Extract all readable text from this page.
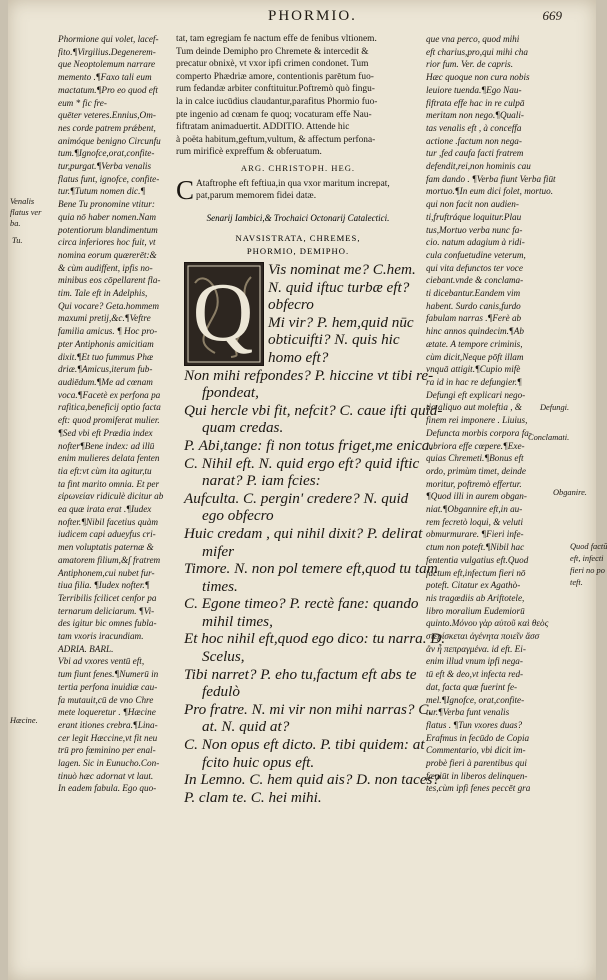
PHORMIO.	669
Phormione qui volet, lacef-
fito.¶Virgilius.Degenerem-
que Neoptolemum narrare
memento .¶Faxo tali eum
mactatum.¶Pro eo quod eft
eum * fic fre-
quēter veteres.Ennius,Om-
nes corde patrem prǽbent,
animóque benigno Circunfu
tum.¶Ignofce,orat,confite-
tur,purgat.¶Verba venalis
flatus funt, ignofce, confite-
tur.¶Tutum nomen dic.¶
Bene Tu pronomine vtitur:
quia nō haber nomen.Nam
potentiorum blandimentum
circa inferiores hoc fuit, vt
nomina eorum quærerēt:&
& cùm audiffent, ipfis no-
minibus eos cōpellarent fla-
tim. Tale eft in Adelphis,
Qui vocare? Geta.hommem
maxumi pretij,&c.¶Veftre
familia amicus. ¶ Hoc pro-
pter Antiphonis amicitiam
dixit.¶Et tuo fummus Phæ
driæ.¶Amicus,iterum fub-
audiēdum.¶Me ad cœnam
voca.¶Facetè ex perfona pa
rafitica,beneficij optio facta
eft: quod promiferat mulier.
¶Sed vbi eft Prædia index
nofter¶Bene index: ad illū
enim mulieres delata fenten
tia eft:vt cùm ita agitur,tu
ta fint marito omnia. Et per
εἰρωνείαν ridiculè dicitur ab
ea quæ irata erat .¶Iudex
nofter.¶Nibil facetius quàm
iudicem capi adueyfus cri-
men voluptatis paternæ &
amatorem filium,&ſ fratrem
Antiphonem,cui nubet fur-
tiua filia. ¶Iudex nofter.¶
Terribilis fcilicet cenfor pa
ternarum deliciarum. ¶Vi-
des igitur bic omnes fubla-
tam vxoris iracundiam.
ADRIA. BARL.
Vbi ad vxores ventū eft,
tum fiunt fenes.¶Numerū in
tertia perfona inuidiæ cau-
fa mutauit,cū de vno Chre
mete loqueretur . ¶Hæcine
erant itiones crebra.¶Lina-
cer legit Hæccine,vt fit neu
trū pro fœminino per enal-
lagen. Sic in Eunucho.Con-
tinuò hæc adornat vt laut.
In eadem fabula. Ego quo-
Venalis
flatus ver
ba.
Tu.
Hæcine.
tat, tam egregiam fe nactum effe de fenibus vltionem.
Tum deinde Demipho pro Chremete & intercedit &
precatur obnixè, vt vxor ipfi crimen condonet. Tum
comperto Phædriæ amore, contentionis parētum fuo-
rum fedandæ arbiter conftituitur.Poftremò quò fingu-
la in calce iucūdius claudantur,parafitus Phormio fuo-
pte ingenio ad cœnam fe quoq; vocaturam effe Nau-
fiftratam animaduertit. ADDITIO. Attende hic
à poëta habitum,geftum,vultum, & affectum perfona-
rum mirificè expreffum & obferuatum.
ARG. CHRISTOPH. HEG.
C Ataftrophe eft feftiua,in qua vxor maritum increpat,
pat,parum memorem fidei datæ.
Senarij Iambici,& Trochaici Octonarij Catalectici.
NAVSISTRATA, CHREMES,
PHORMIO, DEMIPHO.
Q Vis nominat me? C.hem.
N. quid iftuc turbæ eft?
obfecro
Mi vir? P. hem,quid nūc
obticuifti? N. quis hic
homo eft?
Non mihi refpondes? P. hiccine vt tibi re-
fpondeat,
Qui hercle vbi fit, nefcit? C. caue ifti quid-
quam credas.
P. Abi,tange: fi non totus friget,me enica.
C. Nihil eft. N. quid ergo eft? quid iftic
narat? P. iam fcies:
Aufculta. C. pergin' credere? N. quid
ego obfecro
Huic credam , qui nihil dixit? P. delirat
mifer
Timore. N. non pol temere eft,quod tu tam
times.
C. Egone timeo? P. rectè fane: quando
mihil times,
Et hoc nihil eft,quod ego dico: tu narra. D.
Scelus,
Tibi narret? P. eho tu,factum eft abs te
fedulò
Pro fratre. N. mi vir non mihi narras? C.
at. N. quid at?
C. Non opus eft dicto. P. tibi quidem: at
fcito huic opus eft.
In Lemno. C. hem quid ais? D. non taces?
P. clam te. C. hei mihi.
que vna perco, quod mihi
eft charius,pro,qui mihi cha
rior fum. Ver. de capris.
Hæc quoque non cura nobis
leuiore tuenda.¶Ego Nau-
fiftrata effe hac in re culpā
meritam non nego.¶Quali-
tas venalis eft , à conceffa
actione .factum non nega-
tur ,fed caufa facti fratrem
defendit,rei,non hominis cau
fam dando . ¶Verba fiunt Verba fiūt
mortuo.¶In eum dici folet, mortuo.
qui non facit non audien-
ti,fruftráque loquitur.Plau
tus,Mortuo verba nunc fa-
cio. natum adagium à ridi-
cula confuetudine veterum,
qui vita defunctos ter voce
ciebant.vnde & conclama-
ti dicebantur.Eandem vim
habent. Surdo canis,furdo
fabulam narras .¶Ferè ab
hinc annos quindecim.¶Ab
ætate. A tempore criminis,
cùm dicit,Neque pōft illam
vnquā attigit.¶Cupio mifè
ra id in hac re defungier.¶
Defungi eft explicari nego-
tio aliquo aut moleftia , &
finem rei imponere . Liuius,
Defuncta morbis corpora fa-
lubriora effe cœpere.¶Exe-
quias Chremeti.¶Bonus eft
ordo, primùm timet, deinde
moritur, poftremò effertur.
¶Quod illi in aurem obgan-
niat.¶Obgannire eft,in au-
rem fecretò loqui, & veluti
obmurmurare. ¶Fieri infe-
ctum non poteft.¶Nibil hac
fententia vulgatius eft.Quod
factum eft,infectum fieri nō
poteft. Citatur ex Agathò-
nis tragœdiis ab Ariftotele,
libro moralium Eudemiorū
quinto.Μόνου γὰρ αὐτοῦ καὶ θεὸς
στερίσκεται ἀγένητα ποιεῖν ἅσσ
ἂν ἦ πεπραγμένα. id eft. Ei-
enim illud vnum ipfi nega-
tū eft & deo,vt infecta red-
dat, facta quæ fuerint fe-
mel.¶Ignofce, orat,confite-
tur.¶Verba funt venalis
flatus . ¶Tun vxores duas?
Erafmus in fecūdo de Copia
Commentario, vbi dicit im-
probè fieri à parentibus qui
fæuiūt in liberos delinquen-
tes,cùm ipfi fenes peccēt gra
Defungi.
Conclamati.
Obganire.
Quod factū
eft, infecti
fieri no po
teft.
